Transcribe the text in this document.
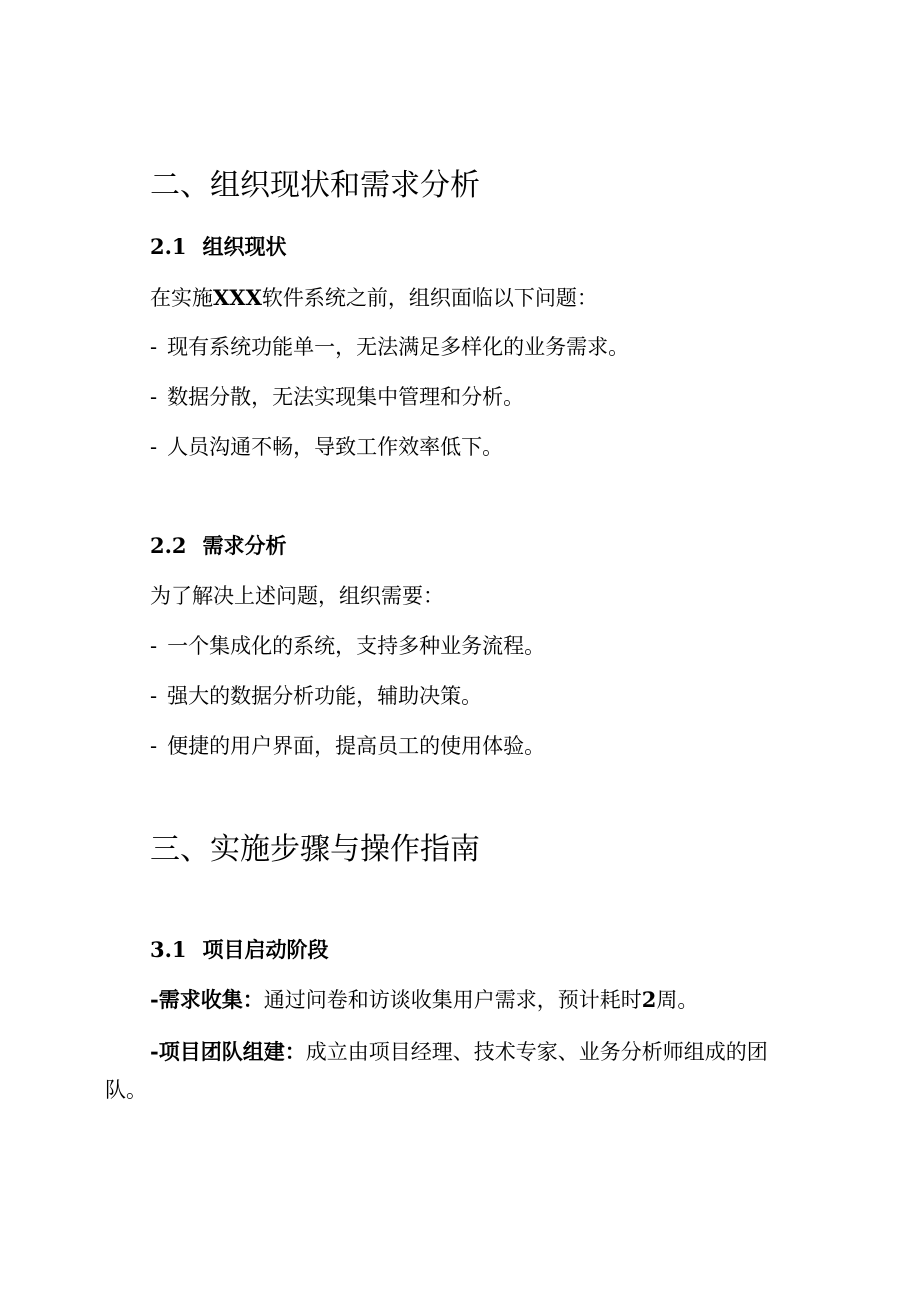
二、组织现状和需求分析
2.1 组织现状
在实施XXX软件系统之前，组织面临以下问题：
- 现有系统功能单一，无法满足多样化的业务需求。
- 数据分散，无法实现集中管理和分析。
- 人员沟通不畅，导致工作效率低下。
2.2 需求分析
为了解决上述问题，组织需要：
- 一个集成化的系统，支持多种业务流程。
- 强大的数据分析功能，辅助决策。
- 便捷的用户界面，提高员工的使用体验。
三、实施步骤与操作指南
3.1 项目启动阶段
-需求收集：通过问卷和访谈收集用户需求，预计耗时2周。
-项目团队组建：成立由项目经理、技术专家、业务分析师组成的团队。
